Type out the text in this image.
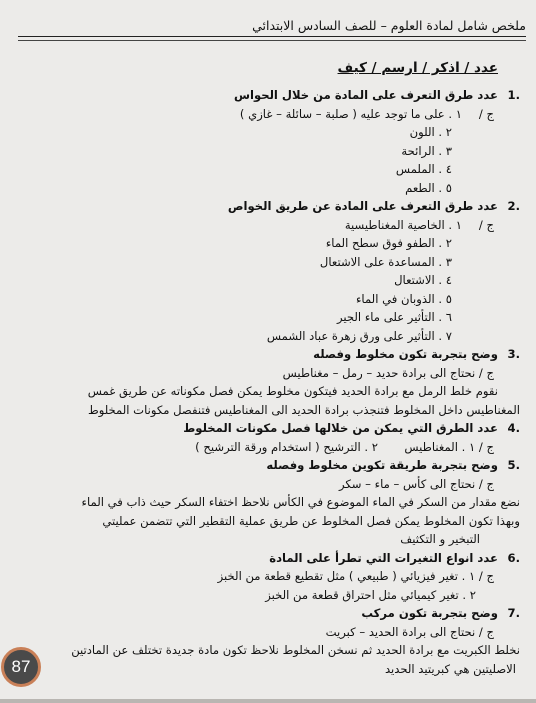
ملخص شامل لمادة العلوم – للصف السادس الابتدائي
عدد / اذكر / ارسم / كيف
.1 عدد طرق التعرف على المادة من خلال الحواس
ج /١ . على ما توجد عليه ( صلبة – سائلة – غازي )
٢ . اللون
٣ . الرائحة
٤ . الملمس
٥ . الطعم
.2 عدد طرق التعرف على المادة عن طريق الخواص
ج /١ . الخاصية المغناطيسية
٢ . الطفو فوق سطح الماء
٣ . المساعدة على الاشتعال
٤ . الاشتعال
٥ . الذوبان في الماء
٦ . التأثير على ماء الجير
٧ . التأثير على ورق زهرة عباد الشمس
.3 وضح بتجربة تكون مخلوط وفصله
ج / نحتاج الى برادة حديد – رمل – مغناطيس
نقوم خلط الرمل مع برادة الحديد فيتكون مخلوط يمكن فصل مكوناته عن طريق غمس
المغناطيس داخل المخلوط فتنجذب برادة الحديد الى المغناطيس فتنفصل مكونات المخلوط
.4 عدد الطرق التي يمكن من خلالها فصل مكونات المخلوط
ج / ١ . المغناطيس٢ . الترشيح ( استخدام ورقة الترشيح )
.5 وضح بتجربة طريقة تكوين مخلوط وفصله
ج / نحتاج الى كأس – ماء – سكر
نضع مقدار من السكر في الماء الموضوع في الكأس نلاحظ اختفاء السكر حيث ذاب في الماء
وبهذا تكون المخلوط يمكن فصل المخلوط عن طريق عملية التقطير التي تتضمن عمليتي
التبخير و التكثيف
.6 عدد انواع التغيرات التي تطرأ على المادة
ج / ١ . تغير فيزيائي ( طبيعي ) مثل تقطيع قطعة من الخبز
٢ . تغير كيميائي مثل احتراق قطعة من الخبز
.7 وضح بتجربة تكون مركب
ج / نحتاج الى برادة الحديد – كبريت
نخلط الكبريت مع برادة الحديد ثم نسخن المخلوط نلاحظ تكون مادة جديدة تختلف عن المادتين
الاصليتين هي كبريتيد الحديد
87
